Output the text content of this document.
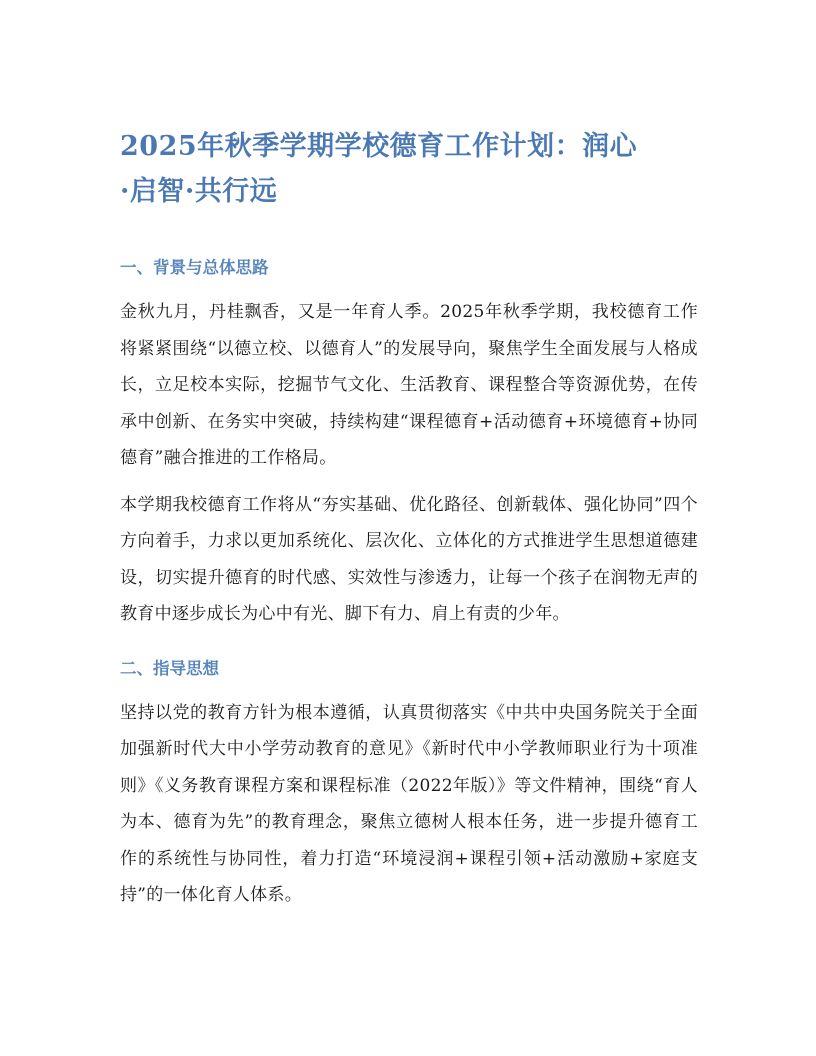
2025年秋季学期学校德育工作计划：润心·启智·共行远
一、背景与总体思路

金秋九月，丹桂飘香，又是一年育人季。2025年秋季学期，我校德育工作将紧紧围绕“以德立校、以德育人”的发展导向，聚焦学生全面发展与人格成长，立足校本实际，挖掘节气文化、生活教育、课程整合等资源优势，在传承中创新、在务实中突破，持续构建“课程德育+活动德育+环境德育+协同德育”融合推进的工作格局。

本学期我校德育工作将从“夯实基础、优化路径、创新载体、强化协同”四个方向着手，力求以更加系统化、层次化、立体化的方式推进学生思想道德建设，切实提升德育的时代感、实效性与渗透力，让每一个孩子在润物无声的教育中逐步成长为心中有光、脚下有力、肩上有责的少年。

二、指导思想

坚持以党的教育方针为根本遵循，认真贯彻落实《中共中央国务院关于全面加强新时代大中小学劳动教育的意见》《新时代中小学教师职业行为十项准则》《义务教育课程方案和课程标准（2022年版）》等文件精神，围绕“育人为本、德育为先”的教育理念，聚焦立德树人根本任务，进一步提升德育工作的系统性与协同性，着力打造“环境浸润+课程引领+活动激励+家庭支持”的一体化育人体系。
